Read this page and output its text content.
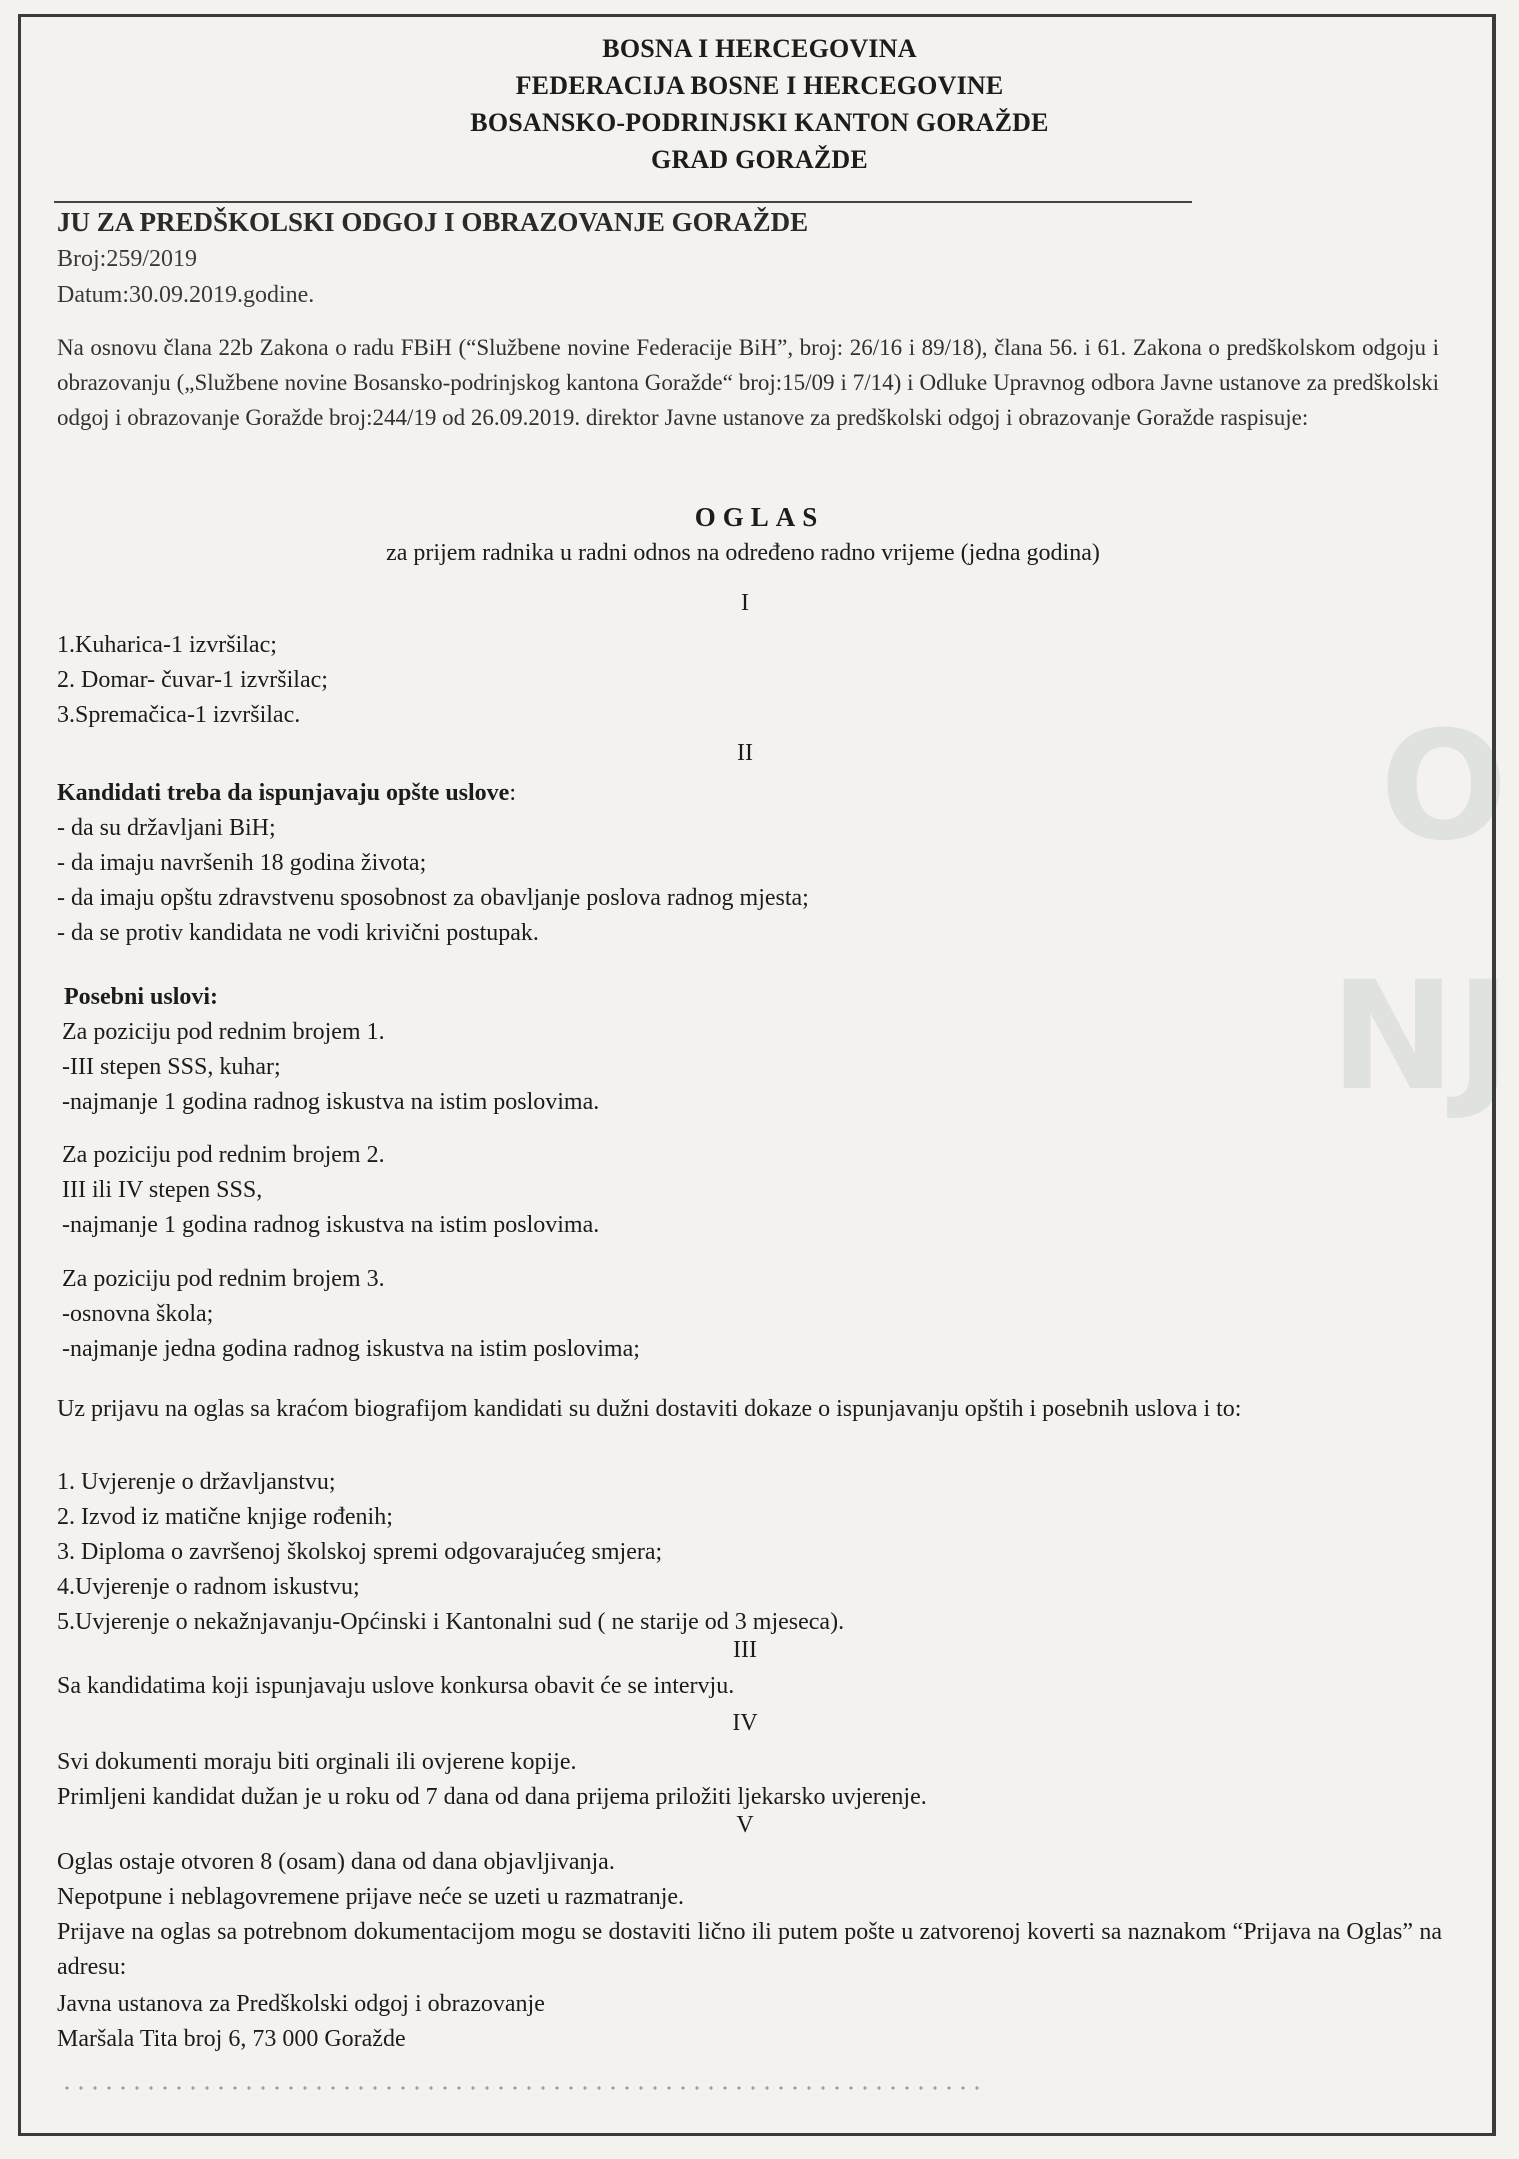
O
NJ
BOSNA I HERCEGOVINA
FEDERACIJA BOSNE I HERCEGOVINE
BOSANSKO-PODRINJSKI KANTON GORAŽDE
GRAD GORAŽDE
JU ZA PREDŠKOLSKI ODGOJ I OBRAZOVANJE GORAŽDE
Broj:259/2019
Datum:30.09.2019.godine.
Na osnovu člana 22b Zakona o radu FBiH (“Službene novine Federacije BiH”, broj: 26/16 i 89/18), člana 56. i 61. Zakona o predškolskom odgoju i obrazovanju („Službene novine Bosansko-podrinjskog kantona Goražde“ broj:15/09 i 7/14) i Odluke Upravnog odbora Javne ustanove za predškolski odgoj i obrazovanje Goražde broj:244/19 od 26.09.2019. direktor Javne ustanove za predškolski odgoj i obrazovanje Goražde raspisuje:
OGLAS
za prijem radnika u radni odnos na određeno radno vrijeme (jedna godina)
I
1.Kuharica-1 izvršilac;
2. Domar- čuvar-1 izvršilac;
3.Spremačica-1 izvršilac.
II
Kandidati treba da ispunjavaju opšte uslove:
- da su državljani BiH;
- da imaju navršenih 18 godina života;
- da imaju opštu zdravstvenu sposobnost za obavljanje poslova radnog mjesta;
- da se protiv kandidata ne vodi krivični postupak.
Posebni uslovi:
Za poziciju pod rednim brojem 1.
-III stepen SSS, kuhar;
-najmanje 1 godina radnog iskustva na istim poslovima.
Za poziciju pod rednim brojem 2.
III ili IV stepen SSS,
-najmanje 1 godina radnog iskustva na istim poslovima.
Za poziciju pod rednim brojem 3.
-osnovna škola;
-najmanje jedna godina radnog iskustva na istim poslovima;
Uz prijavu na oglas sa kraćom biografijom kandidati su dužni dostaviti dokaze o ispunjavanju opštih i posebnih uslova i to:
1. Uvjerenje o državljanstvu;
2. Izvod iz matične knjige rođenih;
3. Diploma o završenoj školskoj spremi odgovarajućeg smjera;
4.Uvjerenje o radnom iskustvu;
5.Uvjerenje o nekažnjavanju-Općinski i Kantonalni sud ( ne starije od 3 mjeseca).
III
Sa kandidatima koji ispunjavaju uslove konkursa obavit će se intervju.
IV
Svi dokumenti moraju biti orginali ili ovjerene kopije.
Primljeni kandidat dužan je u roku od 7 dana od dana prijema priložiti ljekarsko uvjerenje.
V
Oglas ostaje otvoren 8 (osam) dana od dana objavljivanja.
Nepotpune i neblagovremene prijave neće se uzeti u razmatranje.
Prijave na oglas sa potrebnom dokumentacijom mogu se dostaviti lično ili putem pošte u zatvorenoj koverti sa naznakom “Prijava na Oglas” na adresu:
Javna ustanova za Predškolski odgoj i obrazovanje
Maršala Tita broj 6, 73 000 Goražde
